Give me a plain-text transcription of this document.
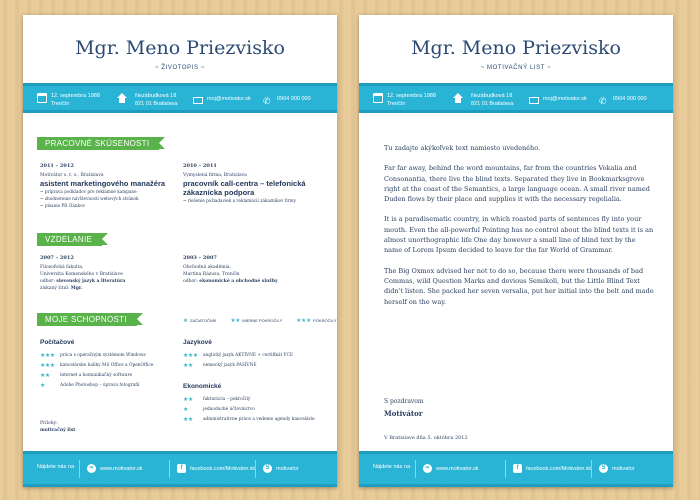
Mgr. Meno Priezvisko
~ ŽIVOTOPIS ~
12. septembra 1988
Trenčín
Nezábudková 18
821 01 Bratislava
moj@motivator.sk ✆	0904 000 000
PRACOVNÉ SKÚSENOSTI
2011 – 2012
Motivátor s. r. o., Bratislava
asistent marketingového manažéra
~ príprava podkladov pre reklamné kampane
~ zhodnotenie návštevnosti webových stránok
~ písanie PR článkov
2010 – 2011
Vymyslená firma, Bratislava
pracovník call-centra – telefonická zákaznícka podpora
~ riešenie požiadaviek a reklamácií zákazníkov firmy
VZDELANIE
2007 – 2012
Filozofická fakulta,
Univerzita Komenského v Bratislave
odbor: slovenský jazyk a literatúra
získaný titul: Mgr.
2003 – 2007
Obchodná akadémia,
Martina Rázusa, Trenčín
odbor: ekonomické a obchodné služby
MOJE SCHOPNOSTI	★ ZAČIATOČNÍK	★★ MIERNE POKROČILÝ	★★★ POKROČILÝ
Počítačové
★★★	práca s operačným systémom Windows
★★★	kancelárske balíky MS Office a OpenOffice
★★	internet a komunikačný software
★	Adobe Photoshop – úprava fotografií
Jazykové
★★★	anglický jazyk AKTÍVNE + certifikát FCE
★★	nemecký jazyk PASÍVNE
Ekonomické
★★	fakturácia – pokročilý
★	jednoduché účtovníctvo
★★	administratívne práce a vedenie agendy kancelárie
Prílohy:
motivačný list
Nájdete nás na	∞	www.motivator.sk	f	facebook.com/Motivator.sk	S	motivator
Mgr. Meno Priezvisko
~ MOTIVAČNÝ LIST ~
12. septembra 1988
Trenčín
Nezábudková 18
821 01 Bratislava
moj@motivator.sk ✆	0904 000 000

Tu zadajte akýkoľvek text namiesto uvedeného.

Far far away, behind the word mountains, far from the countries Vokalia and Consonantia, there live the blind texts. Separated they live in Bookmarksgrove right at the coast of the Semantics, a large language ocean. A small river named Duden flows by their place and supplies it with the necessary regelialia.

It is a paradisematic country, in which roasted parts of sentences fly into your mouth. Even the all-powerful Pointing has no control about the blind texts it is an almost unorthographic life One day however a small line of blind text by the name of Lorem Ipsum decided to leave for the far World of Grammar.

The Big Oxmox advised her not to do so, because there were thousands of bad Commas, wild Question Marks and devious Semikoli, but the Little Blind Text didn't listen. She packed her seven versalia, put her initial into the belt and made herself on the way.

S pozdravom
Motivátor
V Bratislave dňa 5. októbra 2012
Nájdete nás na	∞	www.motivator.sk	f	facebook.com/Motivator.sk	S	motivator
